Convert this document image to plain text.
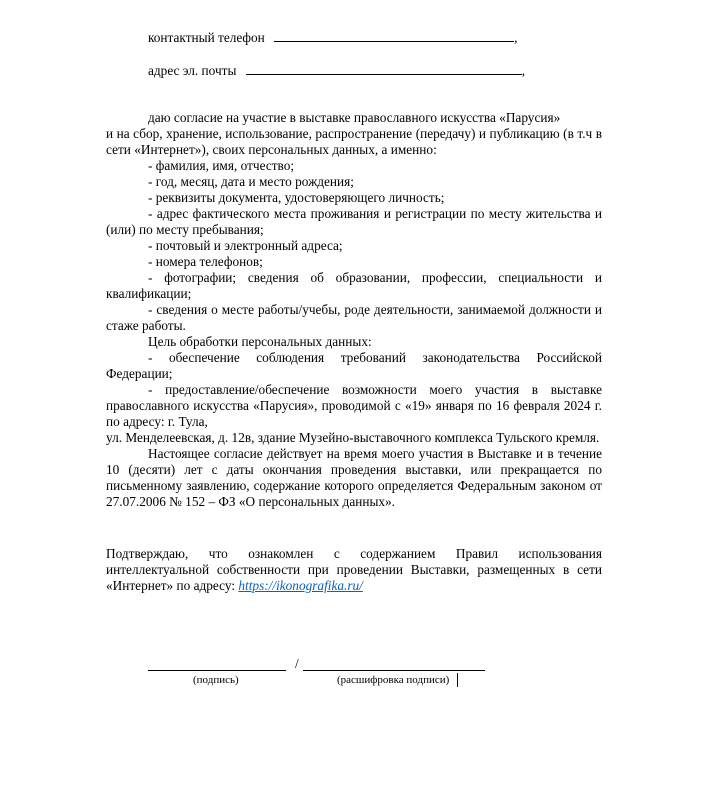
контактный телефон	,
адрес эл. почты	,
даю согласие на участие в выставке православного искусства «Парусия»
и на сбор, хранение, использование, распространение (передачу) и публикацию (в т.ч в сети «Интернет»), своих персональных данных, а именно:
- фамилия, имя, отчество;
- год, месяц, дата и место рождения;
- реквизиты документа, удостоверяющего личность;
- адрес фактического места проживания и регистрации по месту жительства и (или) по месту пребывания;
- почтовый и электронный адреса;
- номера телефонов;
- фотографии; сведения об образовании, профессии, специальности и квалификации;
- сведения о месте работы/учебы, роде деятельности, занимаемой должности и стаже работы.
Цель обработки персональных данных:
- обеспечение соблюдения требований законодательства Российской Федерации;
- предоставление/обеспечение возможности моего участия в выставке православного искусства «Парусия», проводимой с «19» января по 16 февраля 2024 г. по адресу: г. Тула,
ул. Менделеевская, д. 12в, здание Музейно-выставочного комплекса Тульского кремля.
Настоящее согласие действует на время моего участия в Выставке и в течение 10 (десяти) лет с даты окончания проведения выставки, или прекращается по письменному заявлению, содержание которого определяется Федеральным законом от 27.07.2006 № 152 – ФЗ «О персональных данных».
Подтверждаю, что ознакомлен с содержанием Правил использования интеллектуальной собственности при проведении Выставки, размещенных в сети «Интернет» по адресу: https://ikonografika.ru/
/
(подпись)	(расшифровка подписи)
